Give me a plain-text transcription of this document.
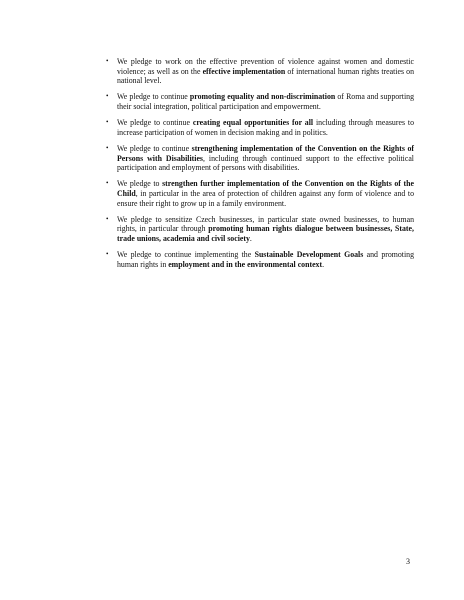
• We pledge to work on the effective prevention of violence against women and domestic violence; as well as on the effective implementation of international human rights treaties on national level.
• We pledge to continue promoting equality and non-discrimination of Roma and supporting their social integration, political participation and empowerment.
• We pledge to continue creating equal opportunities for all including through measures to increase participation of women in decision making and in politics.
• We pledge to continue strengthening implementation of the Convention on the Rights of Persons with Disabilities, including through continued support to the effective political participation and employment of persons with disabilities.
• We pledge to strengthen further implementation of the Convention on the Rights of the Child, in particular in the area of protection of children against any form of violence and to ensure their right to grow up in a family environment.
• We pledge to sensitize Czech businesses, in particular state owned businesses, to human rights, in particular through promoting human rights dialogue between businesses, State, trade unions, academia and civil society.
• We pledge to continue implementing the Sustainable Development Goals and promoting human rights in employment and in the environmental context.
3
